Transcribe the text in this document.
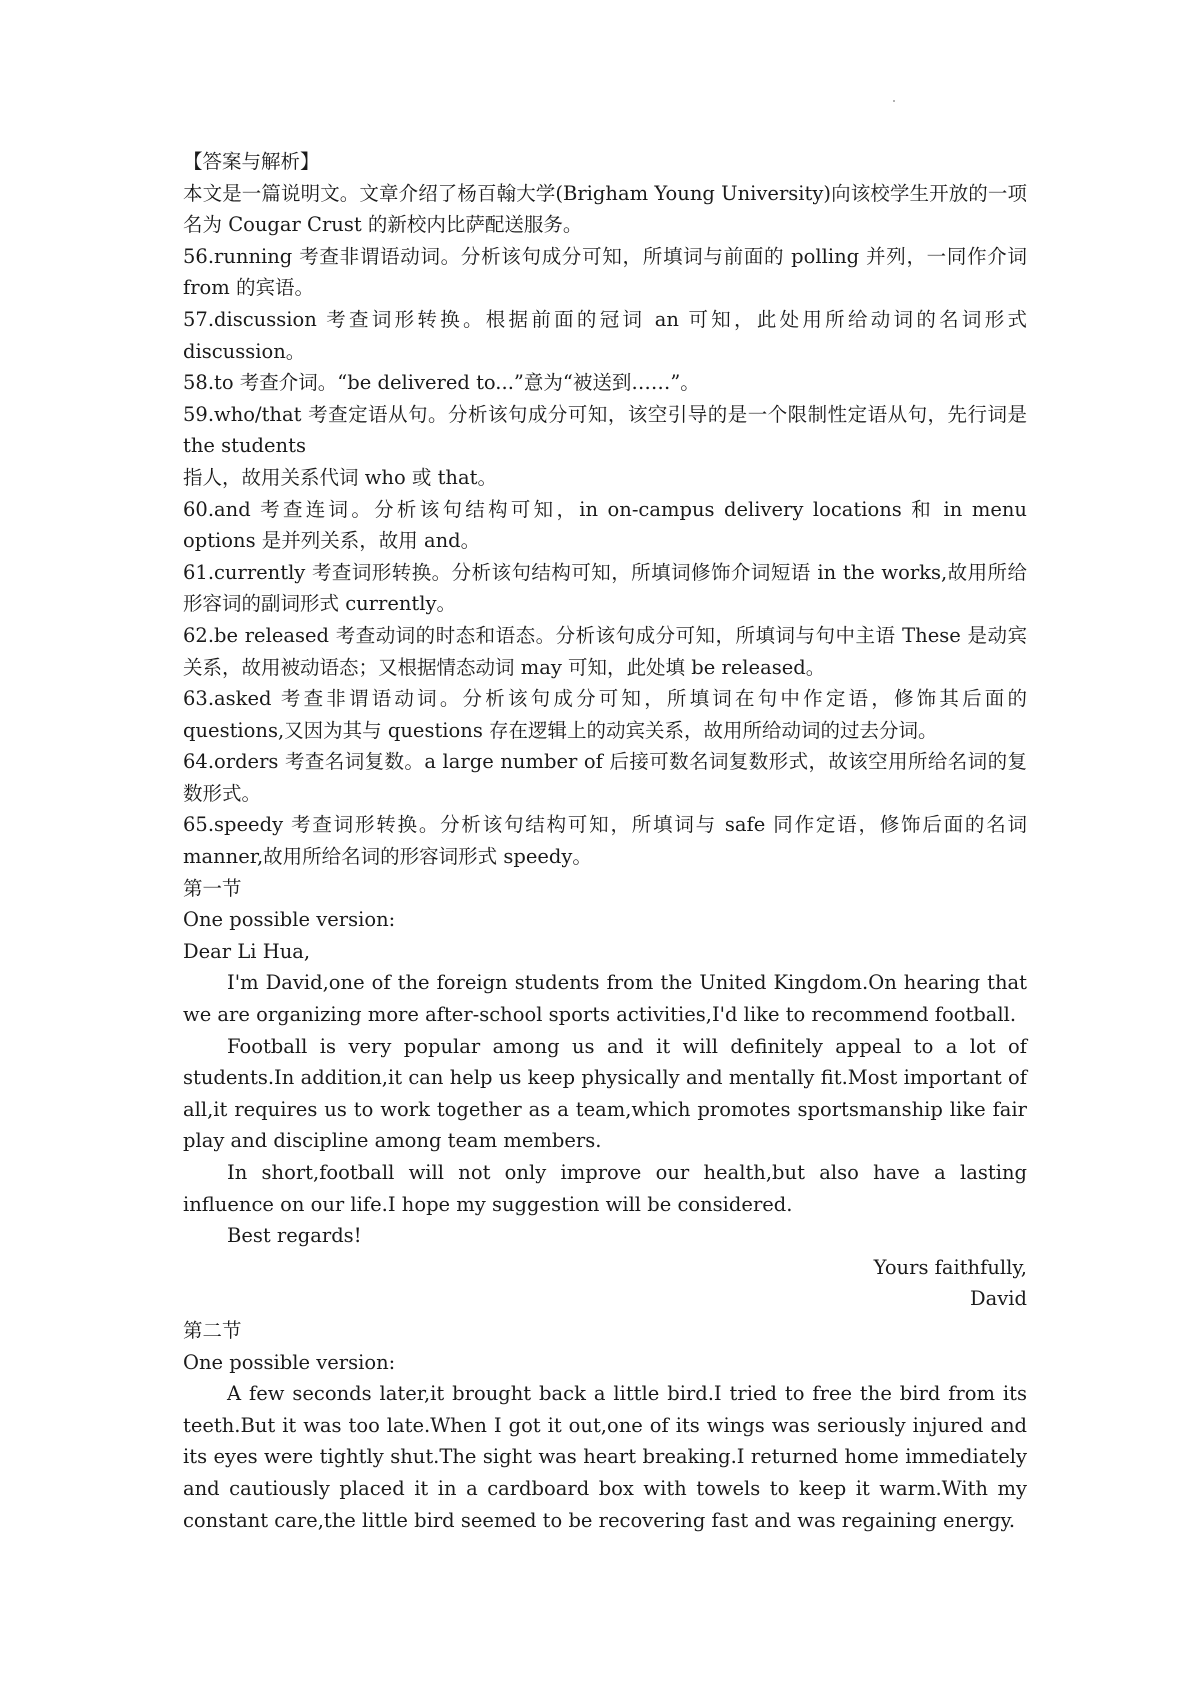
【答案与解析】

本文是一篇说明文。文章介绍了杨百翰大学(Brigham Young University)向该校学生开放的一项名为 Cougar Crust 的新校内比萨配送服务。

56.running 考查非谓语动词。分析该句成分可知，所填词与前面的 polling 并列，一同作介词 from 的宾语。

57.discussion 考查词形转换。根据前面的冠词 an 可知，此处用所给动词的名词形式 discussion。

58.to 考查介词。“be delivered to...”意为“被送到……”。

59.who/that 考查定语从句。分析该句成分可知，该空引导的是一个限制性定语从句，先行词是 the students

指人，故用关系代词 who 或 that。

60.and 考查连词。分析该句结构可知，in on-campus delivery locations 和 in menu options 是并列关系，故用 and。

61.currently 考查词形转换。分析该句结构可知，所填词修饰介词短语 in the works,故用所给形容词的副词形式 currently。

62.be released 考查动词的时态和语态。分析该句成分可知，所填词与句中主语 These 是动宾关系，故用被动语态；又根据情态动词 may 可知，此处填 be released。

63.asked 考查非谓语动词。分析该句成分可知，所填词在句中作定语，修饰其后面的 questions,又因为其与 questions 存在逻辑上的动宾关系，故用所给动词的过去分词。

64.orders 考查名词复数。a large number of 后接可数名词复数形式，故该空用所给名词的复数形式。

65.speedy 考查词形转换。分析该句结构可知，所填词与 safe 同作定语，修饰后面的名词 manner,故用所给名词的形容词形式 speedy。

第一节

One possible version:

Dear Li Hua,

I'm David,one of the foreign students from the United Kingdom.On hearing that we are organizing more after-school sports activities,I'd like to recommend football.

Football is very popular among us and it will definitely appeal to a lot of students.In addition,it can help us keep physically and mentally fit.Most important of all,it requires us to work together as a team,which promotes sportsmanship like fair play and discipline among team members.

In short,football will not only improve our health,but also have a lasting influence on our life.I hope my suggestion will be considered.

Best regards!

Yours faithfully,

David

第二节

One possible version:

A few seconds later,it brought back a little bird.I tried to free the bird from its teeth.But it was too late.When I got it out,one of its wings was seriously injured and its eyes were tightly shut.The sight was heart breaking.I returned home immediately and cautiously placed it in a cardboard box with towels to keep it warm.With my constant care,the little bird seemed to be recovering fast and was regaining energy.
